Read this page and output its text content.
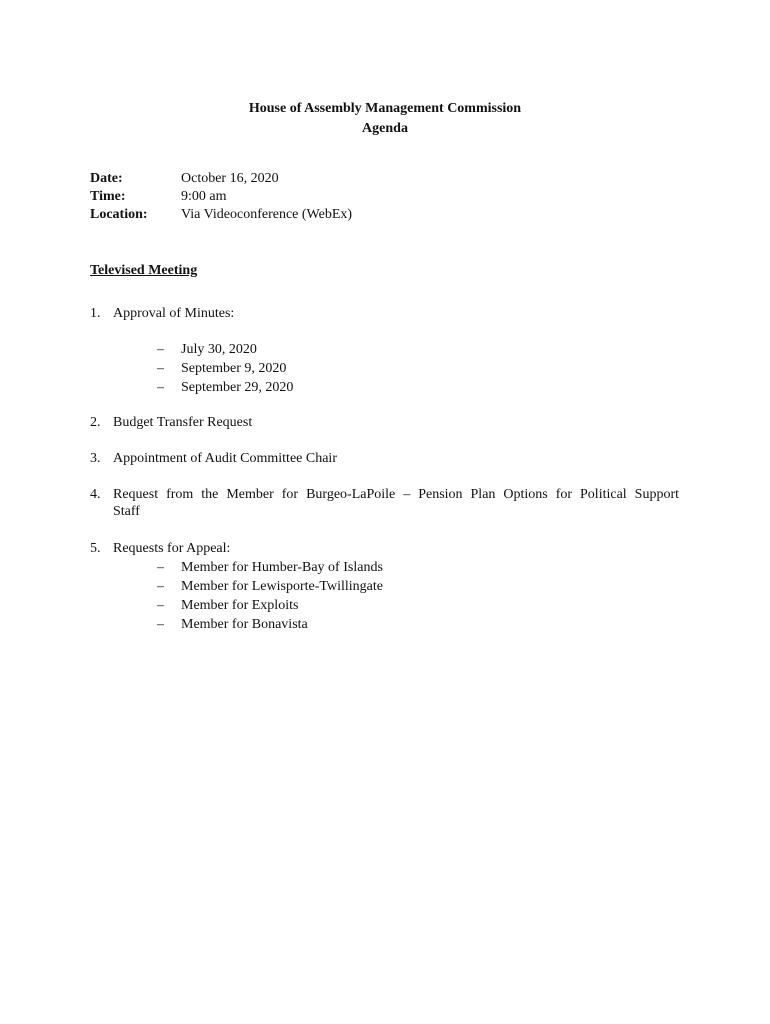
House of Assembly Management Commission
Agenda
Date:	October 16, 2020
Time:	9:00 am
Location: Via Videoconference (WebEx)
Televised Meeting
1. Approval of Minutes:
– July 30, 2020
– September 9, 2020
– September 29, 2020
2. Budget Transfer Request
3. Appointment of Audit Committee Chair
4. Request from the Member for Burgeo-LaPoile – Pension Plan Options for Political Support
Staff
5. Requests for Appeal:
– Member for Humber-Bay of Islands
– Member for Lewisporte-Twillingate
– Member for Exploits
– Member for Bonavista
